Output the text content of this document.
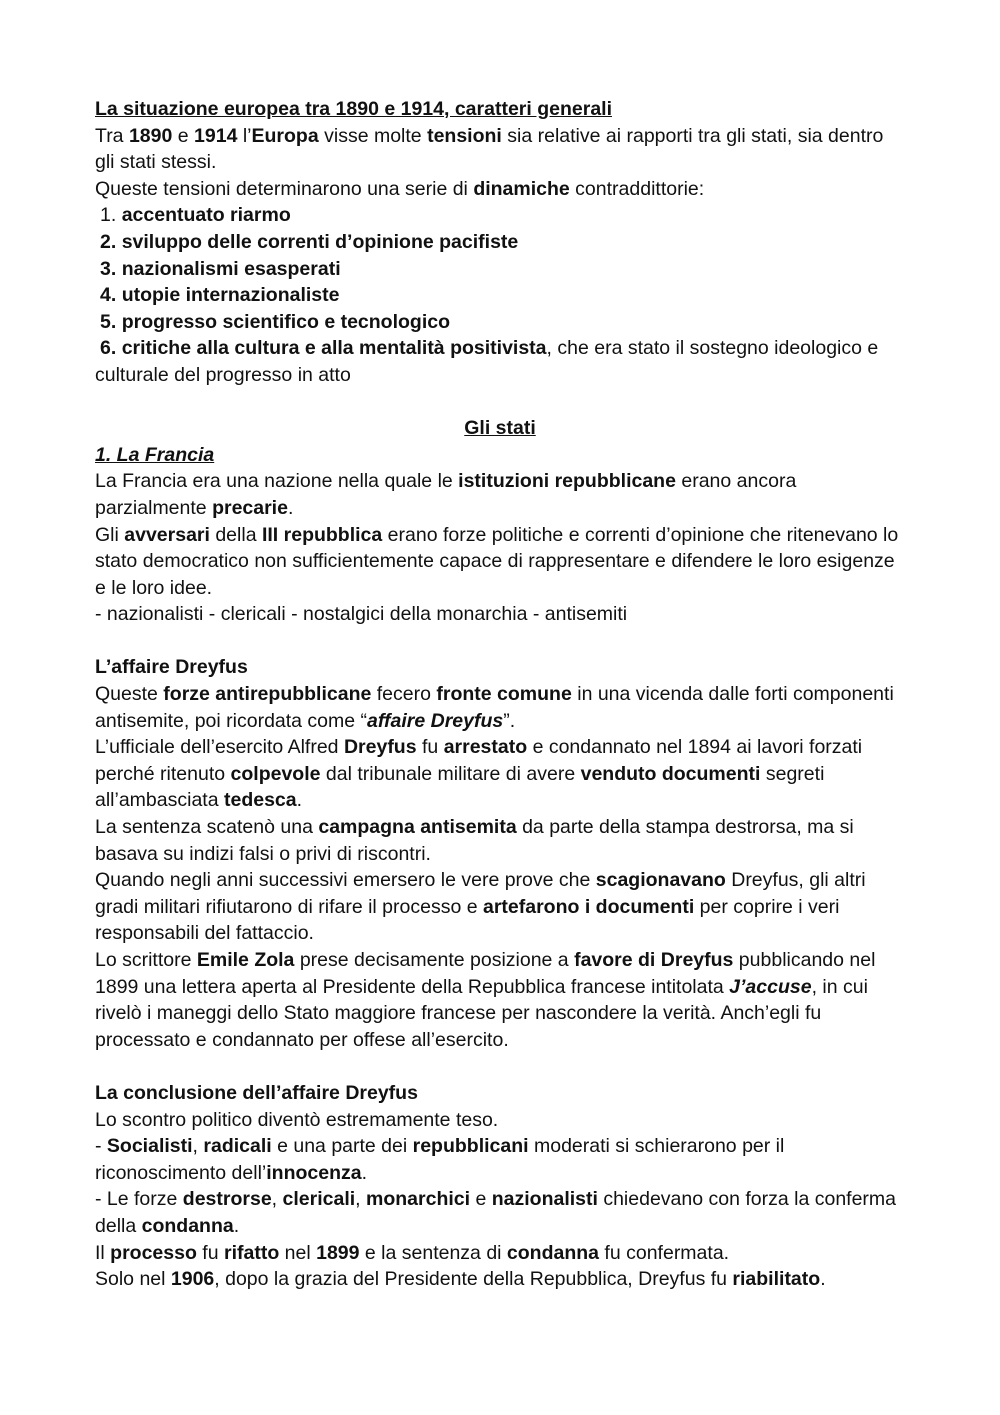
La situazione europea tra 1890 e 1914, caratteri generali

Tra 1890 e 1914 l’Europa visse molte tensioni sia relative ai rapporti tra gli stati, sia dentro gli stati stessi.

Queste tensioni determinarono una serie di dinamiche contraddittorie:

1. accentuato riarmo

2. sviluppo delle correnti d’opinione pacifiste

3. nazionalismi esasperati

4. utopie internazionaliste

5. progresso scientifico e tecnologico

6. critiche alla cultura e alla mentalità positivista, che era stato il sostegno ideologico e culturale del progresso in atto

Gli stati

1. La Francia

La Francia era una nazione nella quale le istituzioni repubblicane erano ancora parzialmente precarie.

Gli avversari della III repubblica erano forze politiche e correnti d’opinione che ritenevano lo stato democratico non sufficientemente capace di rappresentare e difendere le loro esigenze e le loro idee.

- nazionalisti - clericali - nostalgici della monarchia - antisemiti

L’affaire Dreyfus

Queste forze antirepubblicane fecero fronte comune in una vicenda dalle forti componenti antisemite, poi ricordata come “affaire Dreyfus”.

L’ufficiale dell’esercito Alfred Dreyfus fu arrestato e condannato nel 1894 ai lavori forzati perché ritenuto colpevole dal tribunale militare di avere venduto documenti segreti all’ambasciata tedesca.

La sentenza scatenò una campagna antisemita da parte della stampa destrorsa, ma si basava su indizi falsi o privi di riscontri.

Quando negli anni successivi emersero le vere prove che scagionavano Dreyfus, gli altri gradi militari rifiutarono di rifare il processo e artefarono i documenti per coprire i veri responsabili del fattaccio.

Lo scrittore Emile Zola prese decisamente posizione a favore di Dreyfus pubblicando nel 1899 una lettera aperta al Presidente della Repubblica francese intitolata J’accuse, in cui rivelò i maneggi dello Stato maggiore francese per nascondere la verità. Anch’egli fu processato e condannato per offese all’esercito.

La conclusione dell’affaire Dreyfus

Lo scontro politico diventò estremamente teso.

- Socialisti, radicali e una parte dei repubblicani moderati si schierarono per il riconoscimento dell’innocenza.

- Le forze destrorse, clericali, monarchici e nazionalisti chiedevano con forza la conferma della condanna.

Il processo fu rifatto nel 1899 e la sentenza di condanna fu confermata.

Solo nel 1906, dopo la grazia del Presidente della Repubblica, Dreyfus fu riabilitato.
